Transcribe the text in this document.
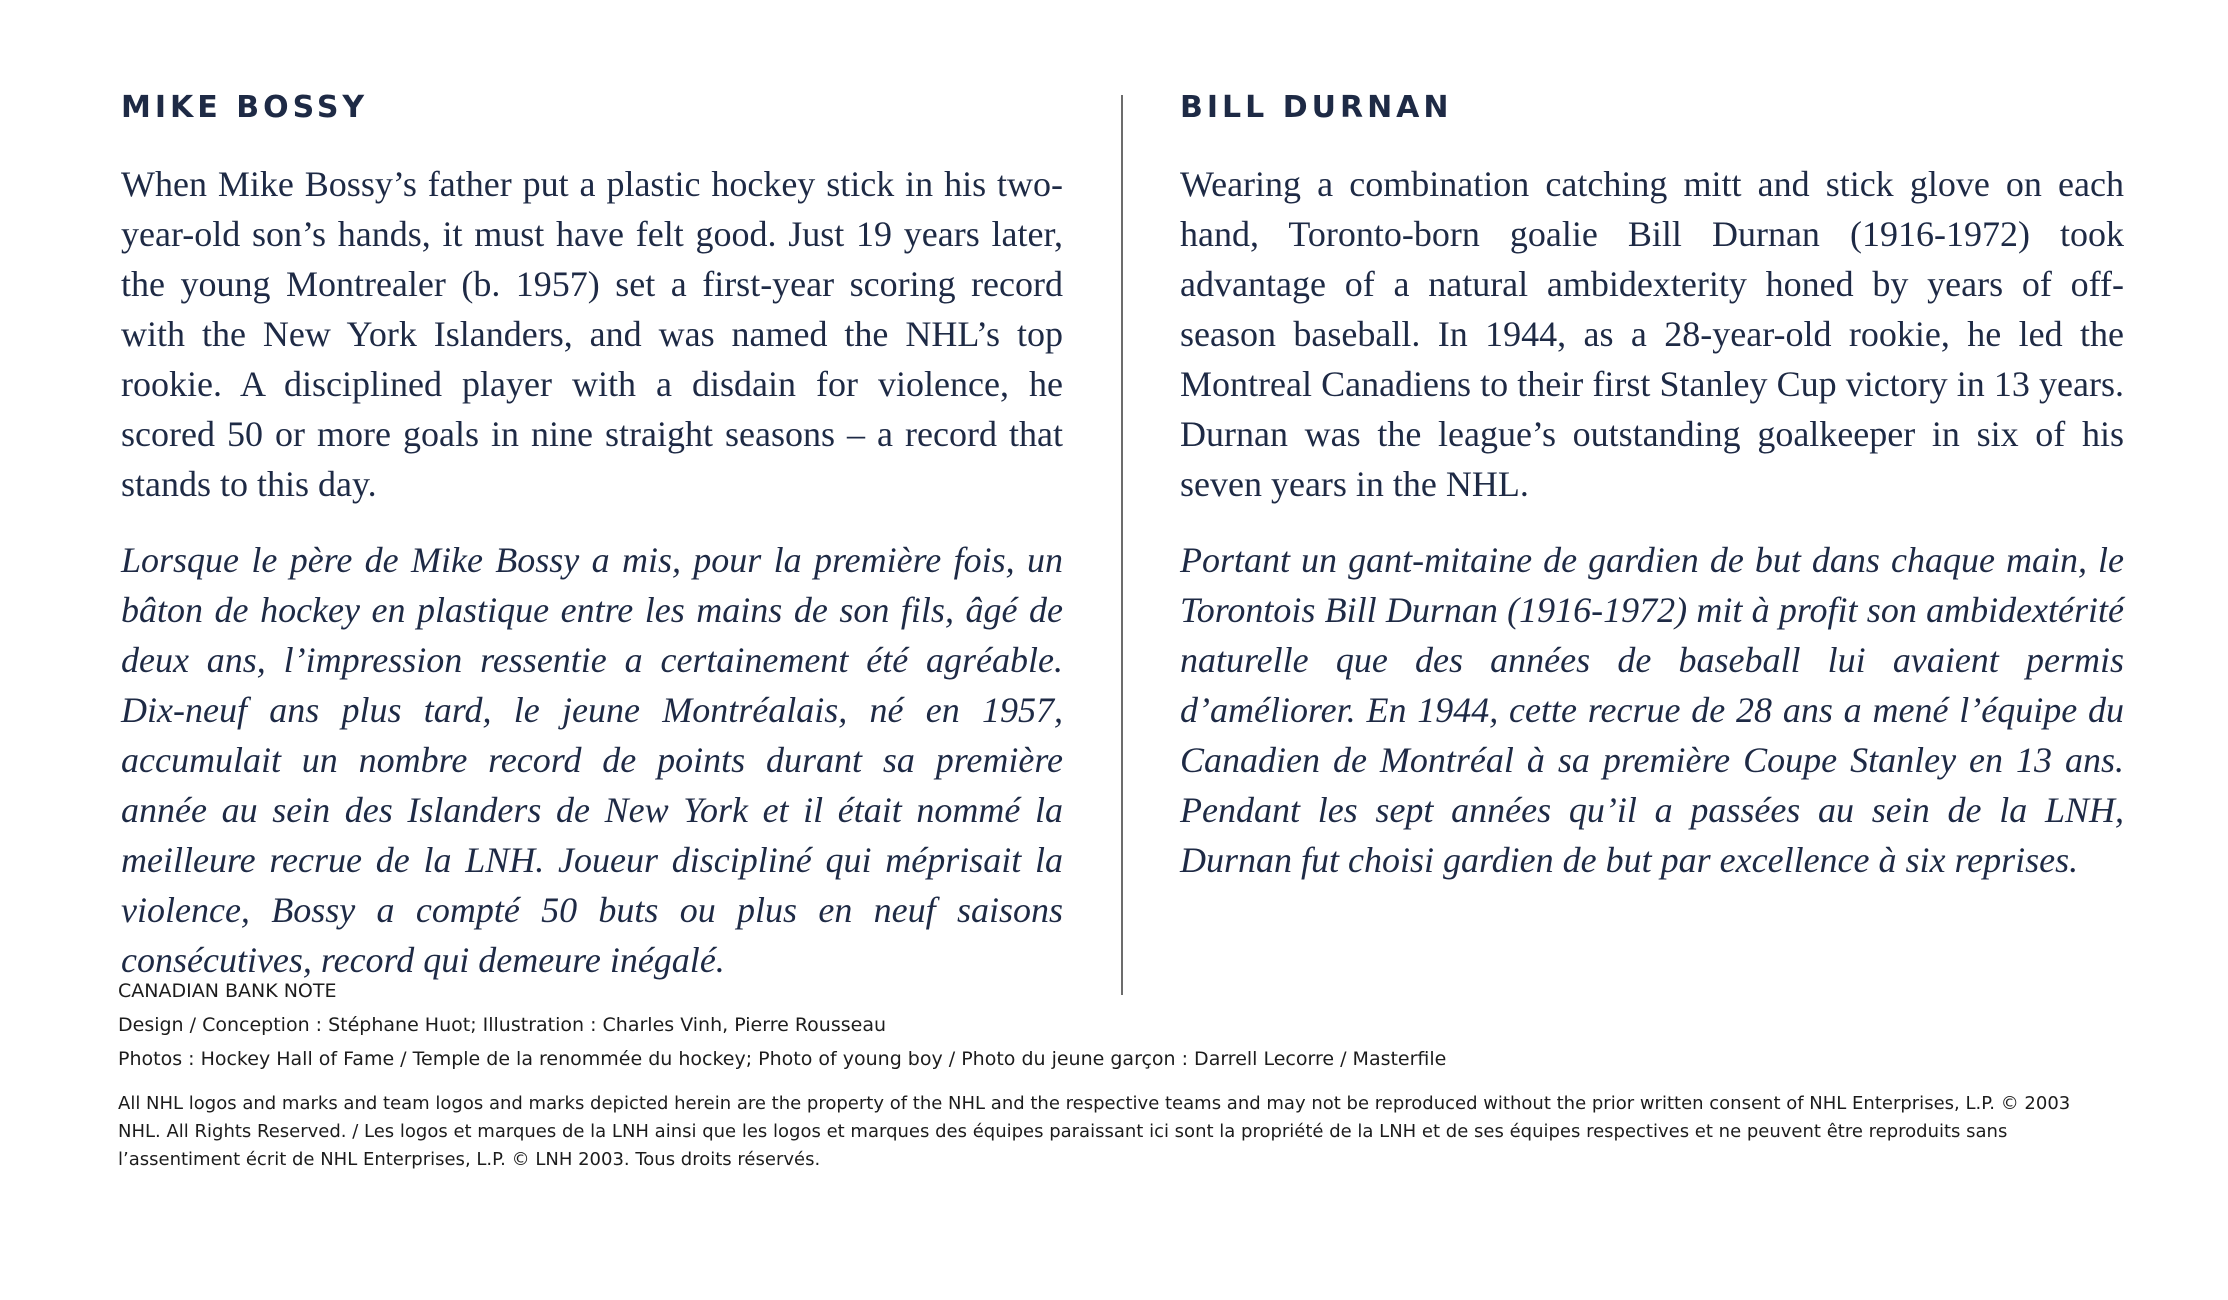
MIKE BOSSY

When Mike Bossy’s father put a plastic hockey stick in his two-year-old son’s hands, it must have felt good. Just 19 years later, the young Montrealer (b. 1957) set a first-year scoring record with the New York Islanders, and was named the NHL’s top rookie. A disciplined player with a disdain for violence, he scored 50 or more goals in nine straight seasons – a record that stands to this day.

Lorsque le père de Mike Bossy a mis, pour la première fois, un bâton de hockey en plastique entre les mains de son fils, âgé de deux ans, l’impression ressentie a certainement été agréable. Dix-neuf ans plus tard, le jeune Montréalais, né en 1957, accumulait un nombre record de points durant sa première année au sein des Islanders de New York et il était nommé la meilleure recrue de la LNH. Joueur discipliné qui méprisait la violence, Bossy a compté 50 buts ou plus en neuf saisons consécutives, record qui demeure inégalé.

BILL DURNAN

Wearing a combination catching mitt and stick glove on each hand, Toronto-born goalie Bill Durnan (1916-1972) took advantage of a natural ambidexterity honed by years of off-season baseball. In 1944, as a 28-year-old rookie, he led the Montreal Canadiens to their first Stanley Cup victory in 13 years. Durnan was the league’s outstanding goalkeeper in six of his seven years in the NHL.

Portant un gant-mitaine de gardien de but dans chaque main, le Torontois Bill Durnan (1916-1972) mit à profit son ambidextérité naturelle que des années de baseball lui avaient permis d’améliorer. En 1944, cette recrue de 28 ans a mené l’équipe du Canadien de Montréal à sa première Coupe Stanley en 13 ans. Pendant les sept années qu’il a passées au sein de la LNH, Durnan fut choisi gardien de but par excellence à six reprises.

CANADIAN BANK NOTE
Design / Conception : Stéphane Huot; Illustration : Charles Vinh, Pierre Rousseau
Photos : Hockey Hall of Fame / Temple de la renommée du hockey; Photo of young boy / Photo du jeune garçon : Darrell Lecorre / Masterfile
All NHL logos and marks and team logos and marks depicted herein are the property of the NHL and the respective teams and may not be reproduced without the prior written consent of NHL Enterprises, L.P. © 2003 NHL. All Rights Reserved. / Les logos et marques de la LNH ainsi que les logos et marques des équipes paraissant ici sont la propriété de la LNH et de ses équipes respectives et ne peuvent être reproduits sans l’assentiment écrit de NHL Enterprises, L.P. © LNH 2003. Tous droits réservés.
